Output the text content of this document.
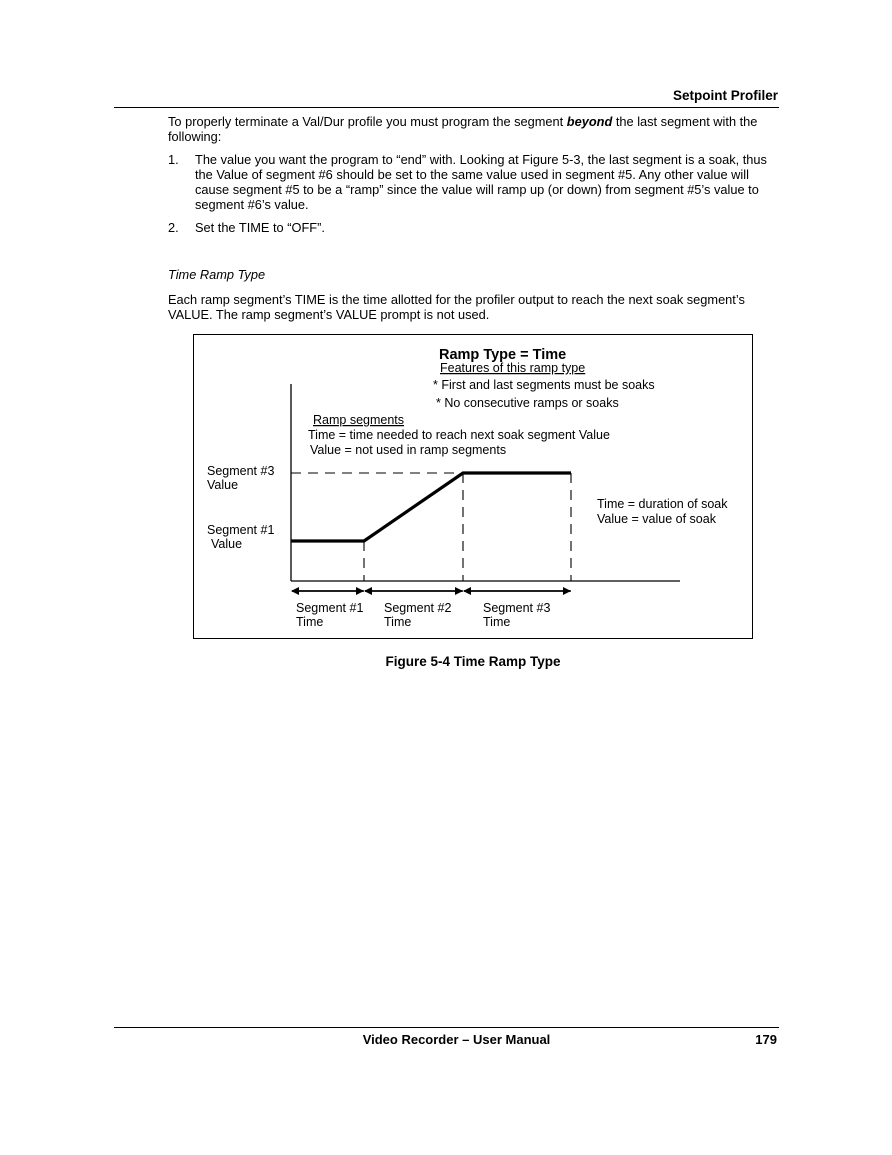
Setpoint Profiler
To properly terminate a Val/Dur profile you must program the segment beyond the last segment with the following:
1. The value you want the program to “end” with. Looking at Figure 5-3, the last segment is a soak, thus the Value of segment #6 should be set to the same value used in segment #5. Any other value will cause segment #5 to be a “ramp” since the value will ramp up (or down) from segment #5’s value to segment #6’s value.
2. Set the TIME to “OFF”.
Time Ramp Type
Each ramp segment’s TIME is the time allotted for the profiler output to reach the next soak segment’s VALUE. The ramp segment’s VALUE prompt is not used.
Ramp Type = Time
Features of this ramp type
* First and last segments must be soaks
* No consecutive ramps or soaks
Ramp segments
Time = time needed to reach next soak segment Value
Value = not used in ramp segments
Segment #3
Value
Segment #1
Value
Time = duration of soak
Value = value of soak
Segment #1
Time
Segment #2
Time
Segment #3
Time
Figure 5-4 Time Ramp Type
Video Recorder – User Manual	179
